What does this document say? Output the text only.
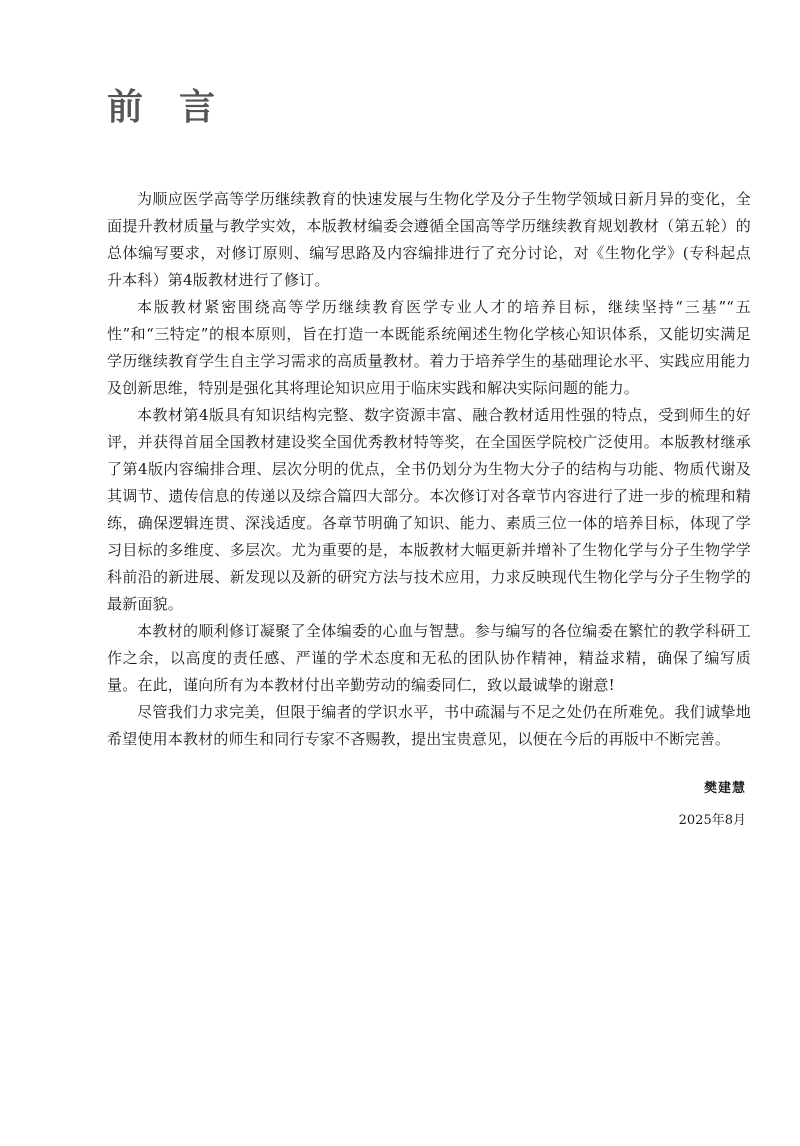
前言

为顺应医学高等学历继续教育的快速发展与生物化学及分子生物学领域日新月异的变化，全面提升教材质量与教学实效，本版教材编委会遵循全国高等学历继续教育规划教材（第五轮）的总体编写要求，对修订原则、编写思路及内容编排进行了充分讨论，对《生物化学》(专科起点升本科）第4版教材进行了修订。

本版教材紧密围绕高等学历继续教育医学专业人才的培养目标，继续坚持“三基”“五性”和“三特定”的根本原则，旨在打造一本既能系统阐述生物化学核心知识体系，又能切实满足学历继续教育学生自主学习需求的高质量教材。着力于培养学生的基础理论水平、实践应用能力及创新思维，特别是强化其将理论知识应用于临床实践和解决实际问题的能力。

本教材第4版具有知识结构完整、数字资源丰富、融合教材适用性强的特点，受到师生的好评，并获得首届全国教材建设奖全国优秀教材特等奖，在全国医学院校广泛使用。本版教材继承了第4版内容编排合理、层次分明的优点，全书仍划分为生物大分子的结构与功能、物质代谢及其调节、遗传信息的传递以及综合篇四大部分。本次修订对各章节内容进行了进一步的梳理和精练，确保逻辑连贯、深浅适度。各章节明确了知识、能力、素质三位一体的培养目标，体现了学习目标的多维度、多层次。尤为重要的是，本版教材大幅更新并增补了生物化学与分子生物学学科前沿的新进展、新发现以及新的研究方法与技术应用，力求反映现代生物化学与分子生物学的最新面貌。

本教材的顺利修订凝聚了全体编委的心血与智慧。参与编写的各位编委在繁忙的教学科研工作之余，以高度的责任感、严谨的学术态度和无私的团队协作精神，精益求精，确保了编写质量。在此，谨向所有为本教材付出辛勤劳动的编委同仁，致以最诚挚的谢意!

尽管我们力求完美，但限于编者的学识水平，书中疏漏与不足之处仍在所难免。我们诚挚地希望使用本教材的师生和同行专家不吝赐教，提出宝贵意见，以便在今后的再版中不断完善。

樊建慧
2025年8月
